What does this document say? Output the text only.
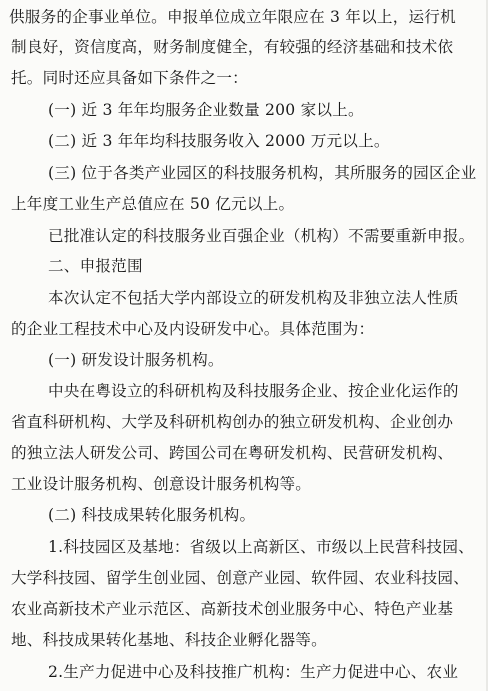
供服务的企事业单位。申报单位成立年限应在 3 年以上，运行机
制良好，资信度高，财务制度健全，有较强的经济基础和技术依
托。同时还应具备如下条件之一：
(一) 近 3 年年均服务企业数量 200 家以上。
(二) 近 3 年年均科技服务收入 2000 万元以上。
(三) 位于各类产业园区的科技服务机构，其所服务的园区企业
上年度工业生产总值应在 50 亿元以上。
已批准认定的科技服务业百强企业（机构）不需要重新申报。
二、申报范围
本次认定不包括大学内部设立的研发机构及非独立法人性质
的企业工程技术中心及内设研发中心。具体范围为：
(一) 研发设计服务机构。
中央在粤设立的科研机构及科技服务企业、按企业化运作的
省直科研机构、大学及科研机构创办的独立研发机构、企业创办
的独立法人研发公司、跨国公司在粤研发机构、民营研发机构、
工业设计服务机构、创意设计服务机构等。
(二) 科技成果转化服务机构。
1.科技园区及基地：省级以上高新区、市级以上民营科技园、
大学科技园、留学生创业园、创意产业园、软件园、农业科技园、
农业高新技术产业示范区、高新技术创业服务中心、特色产业基
地、科技成果转化基地、科技企业孵化器等。
2.生产力促进中心及科技推广机构：生产力促进中心、农业
